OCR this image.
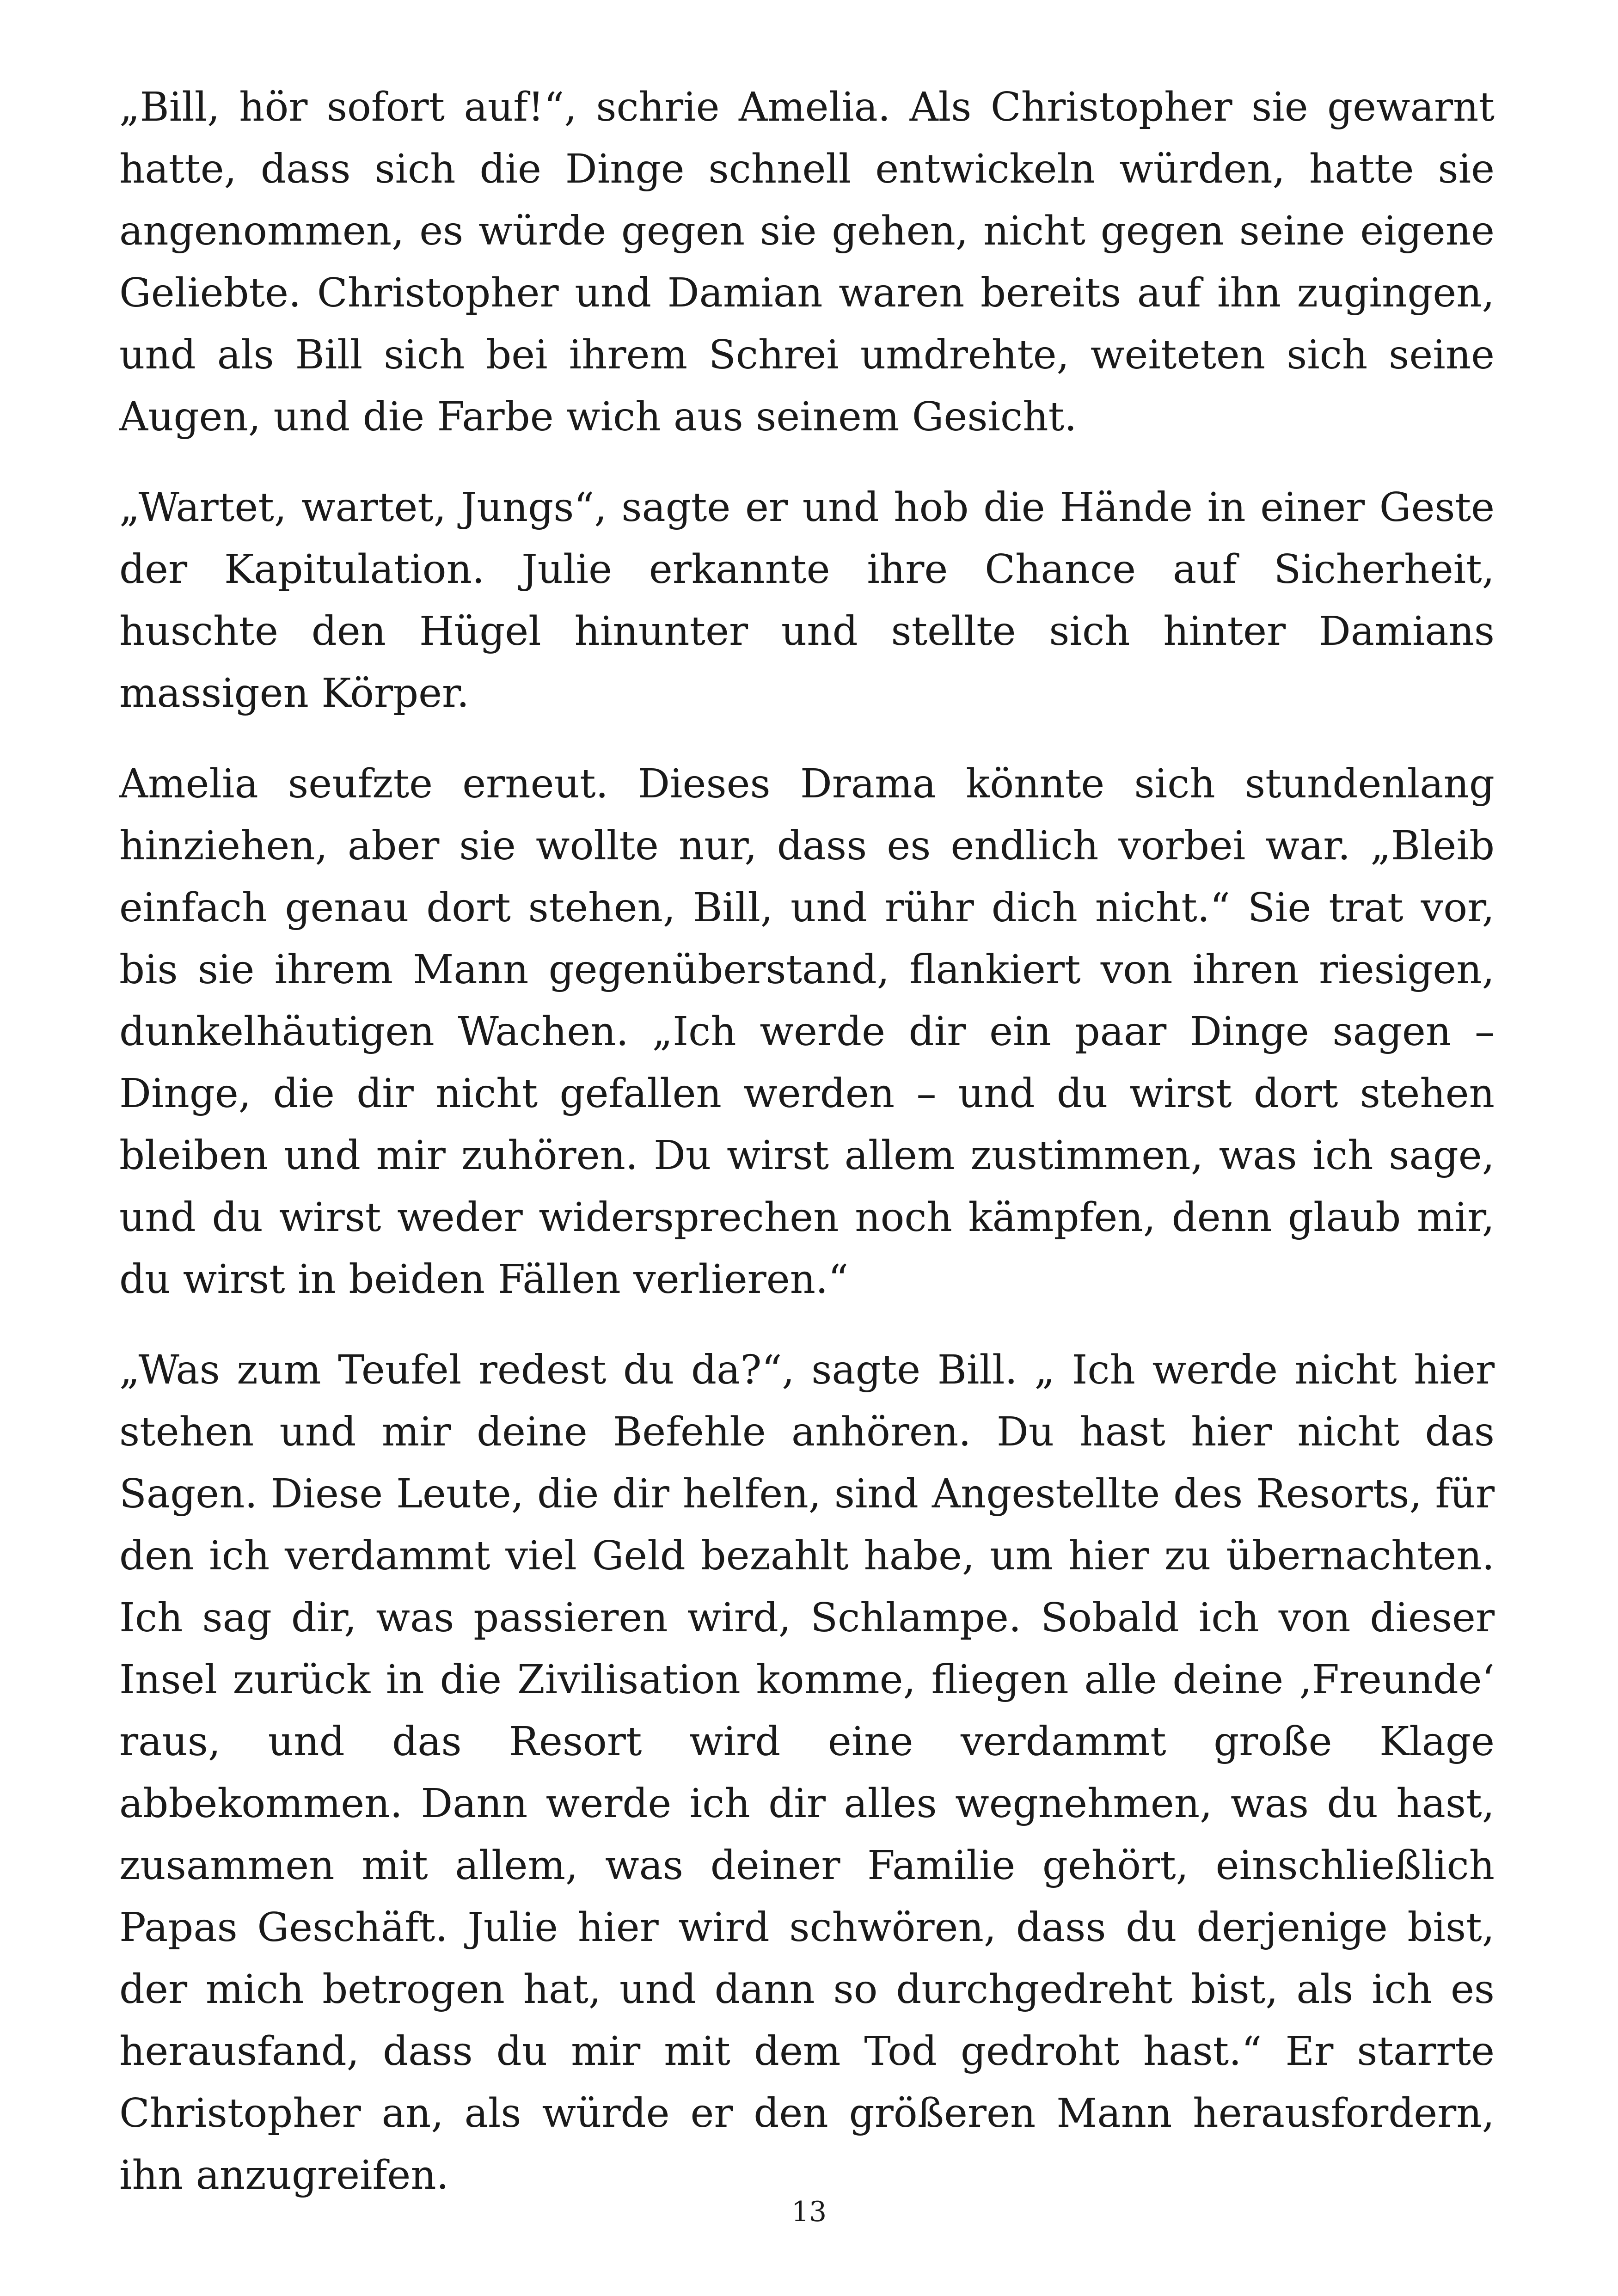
„Bill, hör sofort auf!“, schrie Amelia. Als Christopher sie gewarnt hatte, dass sich die Dinge schnell entwickeln würden, hatte sie angenommen, es würde gegen sie gehen, nicht gegen seine eigene Geliebte. Christopher und Damian waren bereits auf ihn zugingen, und als Bill sich bei ihrem Schrei umdrehte, weiteten sich seine Augen, und die Farbe wich aus seinem Gesicht.

„Wartet, wartet, Jungs“, sagte er und hob die Hände in einer Geste der Kapitulation. Julie erkannte ihre Chance auf Sicherheit, huschte den Hügel hinunter und stellte sich hinter Damians massigen Körper.

Amelia seufzte erneut. Dieses Drama könnte sich stundenlang hinziehen, aber sie wollte nur, dass es endlich vorbei war. „Bleib einfach genau dort stehen, Bill, und rühr dich nicht.“ Sie trat vor, bis sie ihrem Mann gegenüberstand, flankiert von ihren riesigen, dunkelhäutigen Wachen. „Ich werde dir ein paar Dinge sagen – Dinge, die dir nicht gefallen werden – und du wirst dort stehen bleiben und mir zuhören. Du wirst allem zustimmen, was ich sage, und du wirst weder widersprechen noch kämpfen, denn glaub mir, du wirst in beiden Fällen verlieren.“

„Was zum Teufel redest du da?“, sagte Bill. „ Ich werde nicht hier stehen und mir deine Befehle anhören. Du hast hier nicht das Sagen. Diese Leute, die dir helfen, sind Angestellte des Resorts, für den ich verdammt viel Geld bezahlt habe, um hier zu übernachten. Ich sag dir, was passieren wird, Schlampe. Sobald ich von dieser Insel zurück in die Zivilisation komme, fliegen alle deine ‚Freunde‘ raus, und das Resort wird eine verdammt große Klage abbekommen. Dann werde ich dir alles wegnehmen, was du hast, zusammen mit allem, was deiner Familie gehört, einschließlich Papas Geschäft. Julie hier wird schwören, dass du derjenige bist, der mich betrogen hat, und dann so durchgedreht bist, als ich es herausfand, dass du mir mit dem Tod gedroht hast.“ Er starrte Christopher an, als würde er den größeren Mann herausfordern, ihn anzugreifen.

13
